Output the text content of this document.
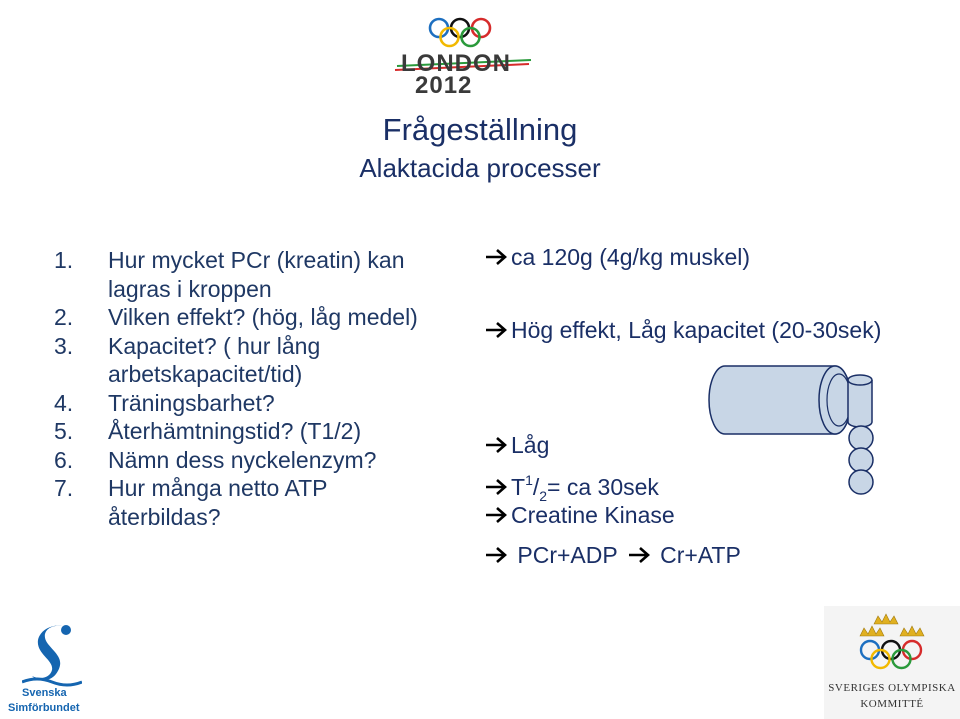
LONDON
2012
Frågeställning
Alaktacida processer
1.	Hur mycket PCr (kreatin) kan lagras i kroppen
2.	Vilken effekt? (hög, låg medel)
3.	Kapacitet? ( hur lång arbetskapacitet/tid)
4.	Träningsbarhet?
5.	Återhämtningstid? (T1/2)
6.	Nämn dess nyckelenzym?
7.	Hur många netto ATP återbildas?
ca 120g (4g/kg muskel)
Hög effekt, Låg kapacitet (20-30sek)
Låg
$T^1/_2=$ ca 30sek
Creatine Kinase
PCr+ADP Cr+ATP
Svenska
Simförbundet
SVERIGES OLYMPISKA
KOMMITTÉ
